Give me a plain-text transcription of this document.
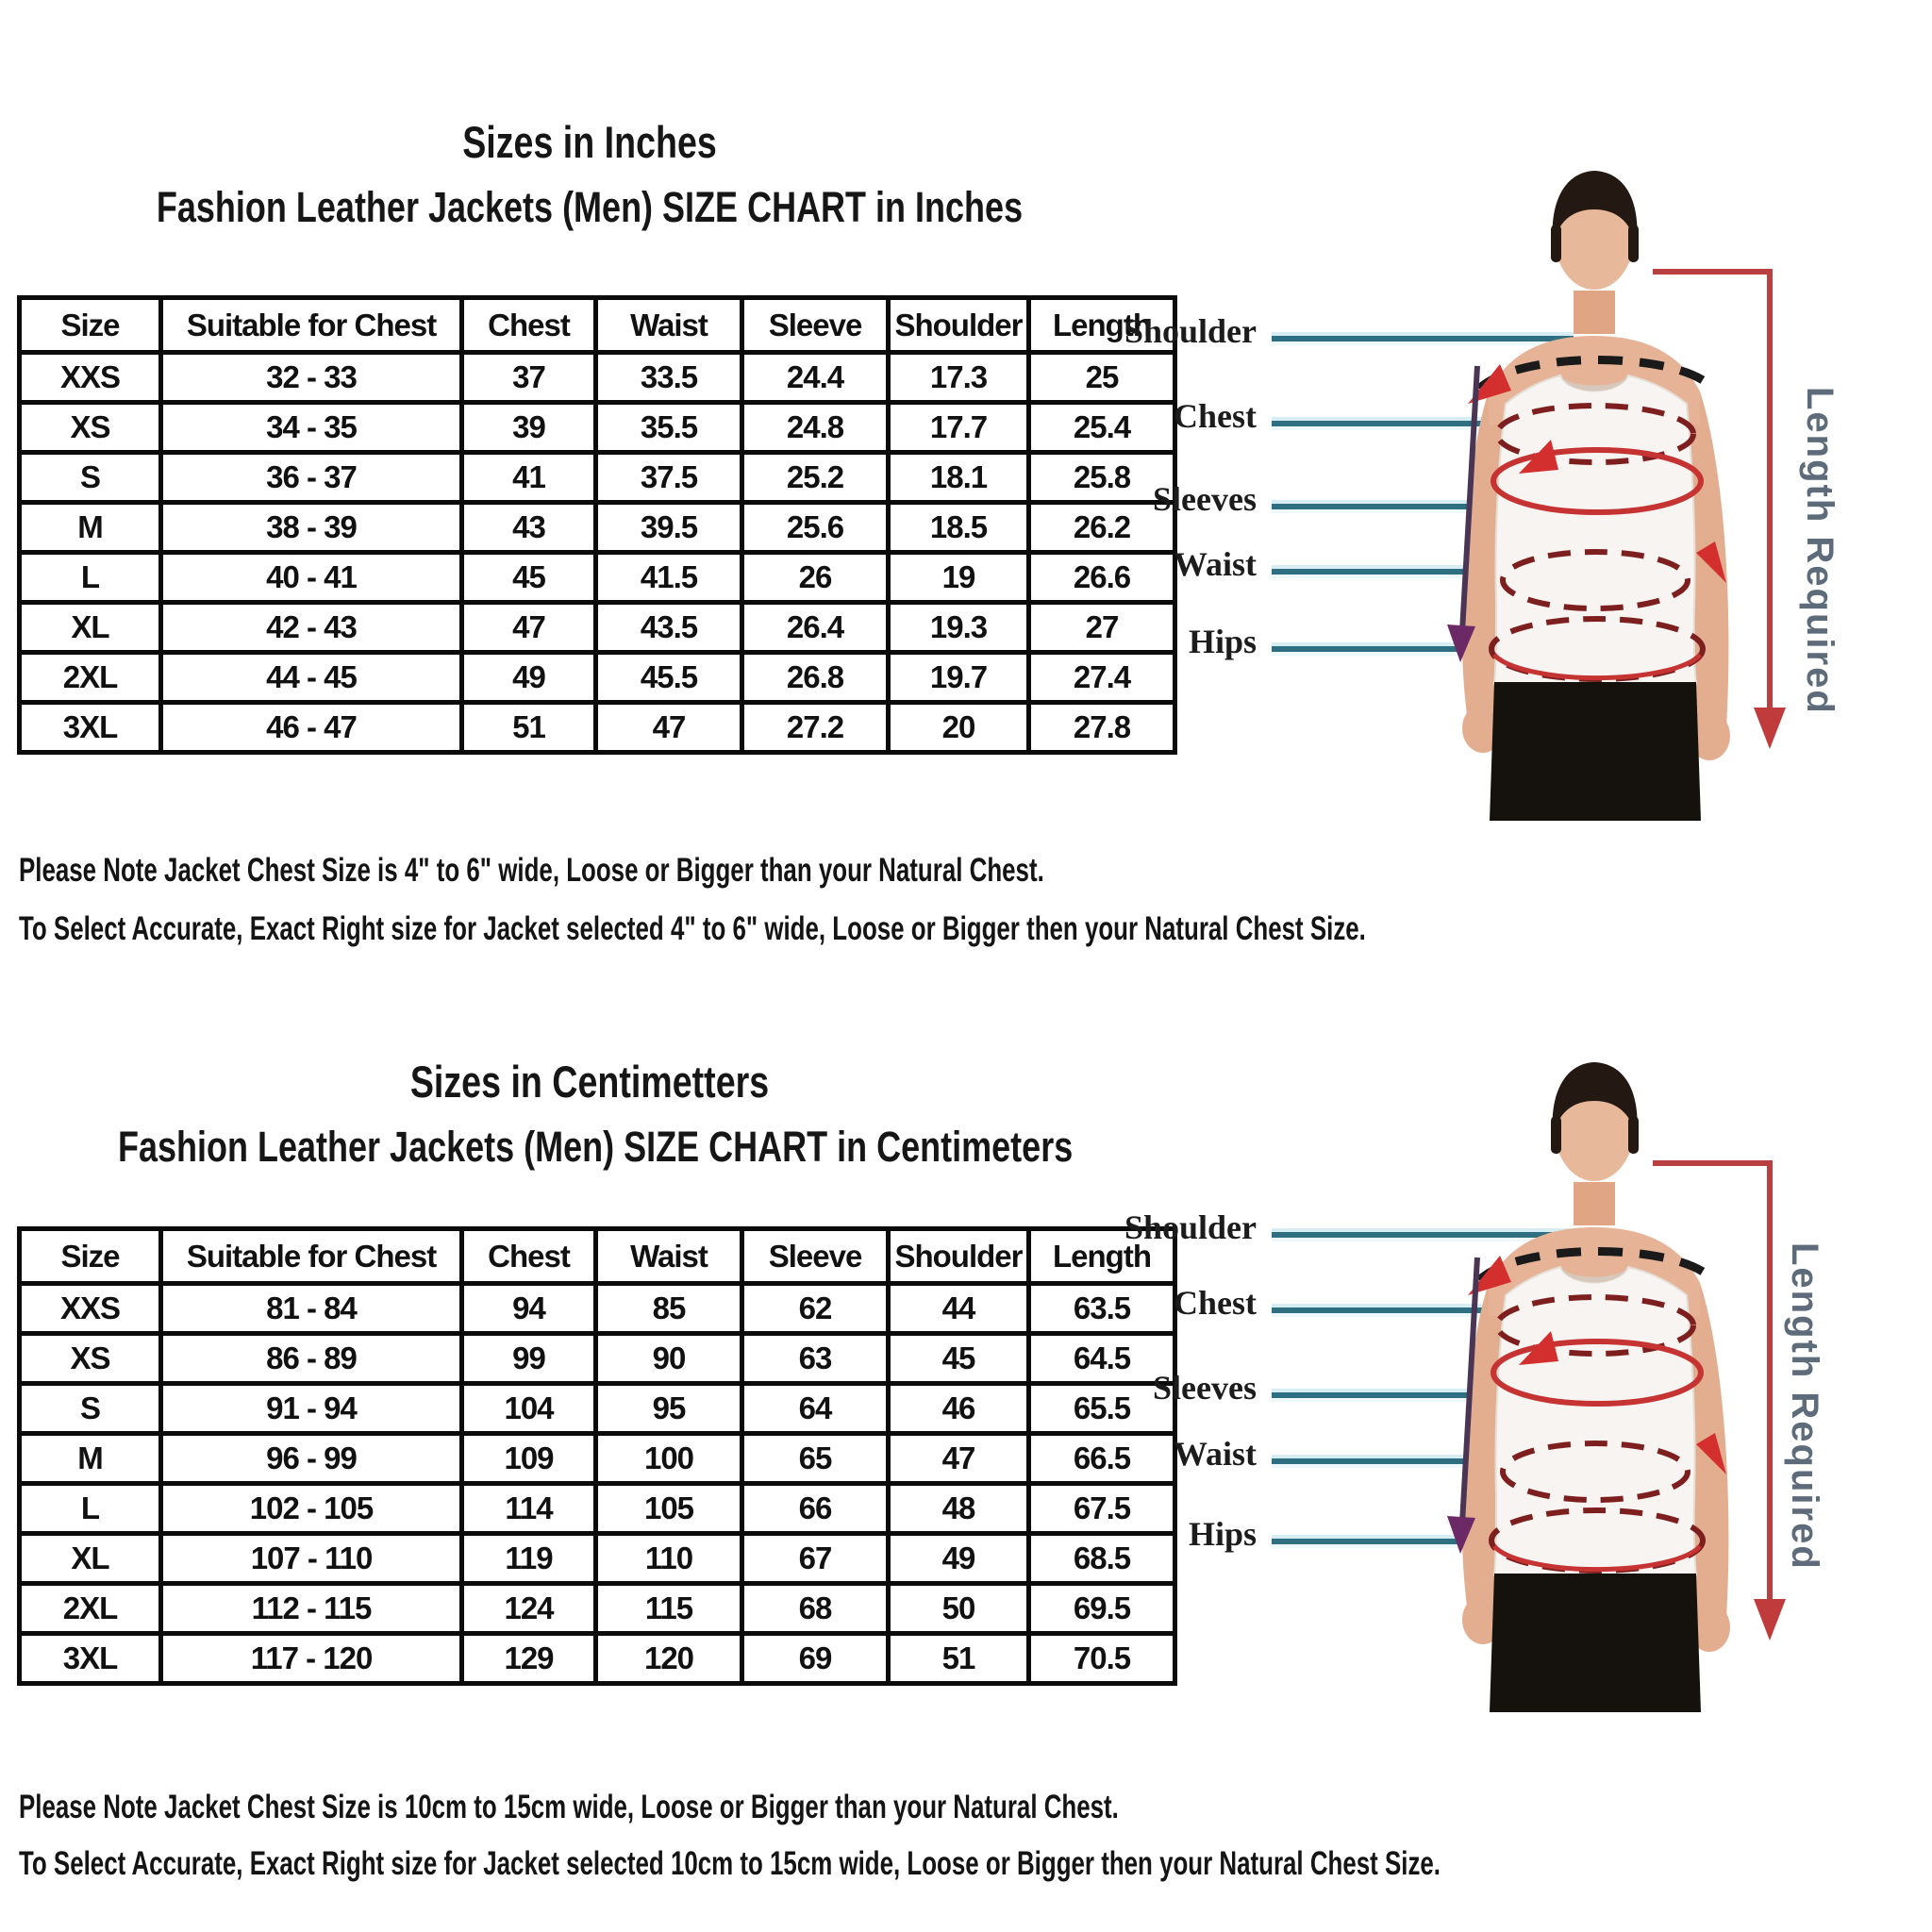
Sizes in Inches
Fashion Leather Jackets (Men) SIZE CHART in Inches
Size	Suitable for Chest	Chest	Waist	Sleeve	Shoulder	Length
XXS	32 - 33	37	33.5	24.4	17.3	25
XS	34 - 35	39	35.5	24.8	17.7	25.4
S	36 - 37	41	37.5	25.2	18.1	25.8
M	38 - 39	43	39.5	25.6	18.5	26.2
L	40 - 41	45	41.5	26	19	26.6
XL	42 - 43	47	43.5	26.4	19.3	27
2XL	44 - 45	49	45.5	26.8	19.7	27.4
3XL	46 - 47	51	47	27.2	20	27.8

Please Note Jacket Chest Size is 4" to 6" wide, Loose or Bigger than your Natural Chest.

To Select Accurate, Exact Right size for Jacket selected 4" to 6" wide, Loose or Bigger then your Natural Chest Size.

Shoulder
Chest
Sleeves
Waist
Hips	Length Required
Sizes in Centimetters
Fashion Leather Jackets (Men) SIZE CHART in Centimeters
Size	Suitable for Chest	Chest	Waist	Sleeve	Shoulder	Length
XXS	81 - 84	94	85	62	44	63.5
XS	86 - 89	99	90	63	45	64.5
S	91 - 94	104	95	64	46	65.5
M	96 - 99	109	100	65	47	66.5
L	102 - 105	114	105	66	48	67.5
XL	107 - 110	119	110	67	49	68.5
2XL	112 - 115	124	115	68	50	69.5
3XL	117 - 120	129	120	69	51	70.5

Please Note Jacket Chest Size is 10cm to 15cm wide, Loose or Bigger than your Natural Chest.

To Select Accurate, Exact Right size for Jacket selected 10cm to 15cm wide, Loose or Bigger then your Natural Chest Size.

Shoulder
Chest
Sleeves
Waist
Hips	Length Required
